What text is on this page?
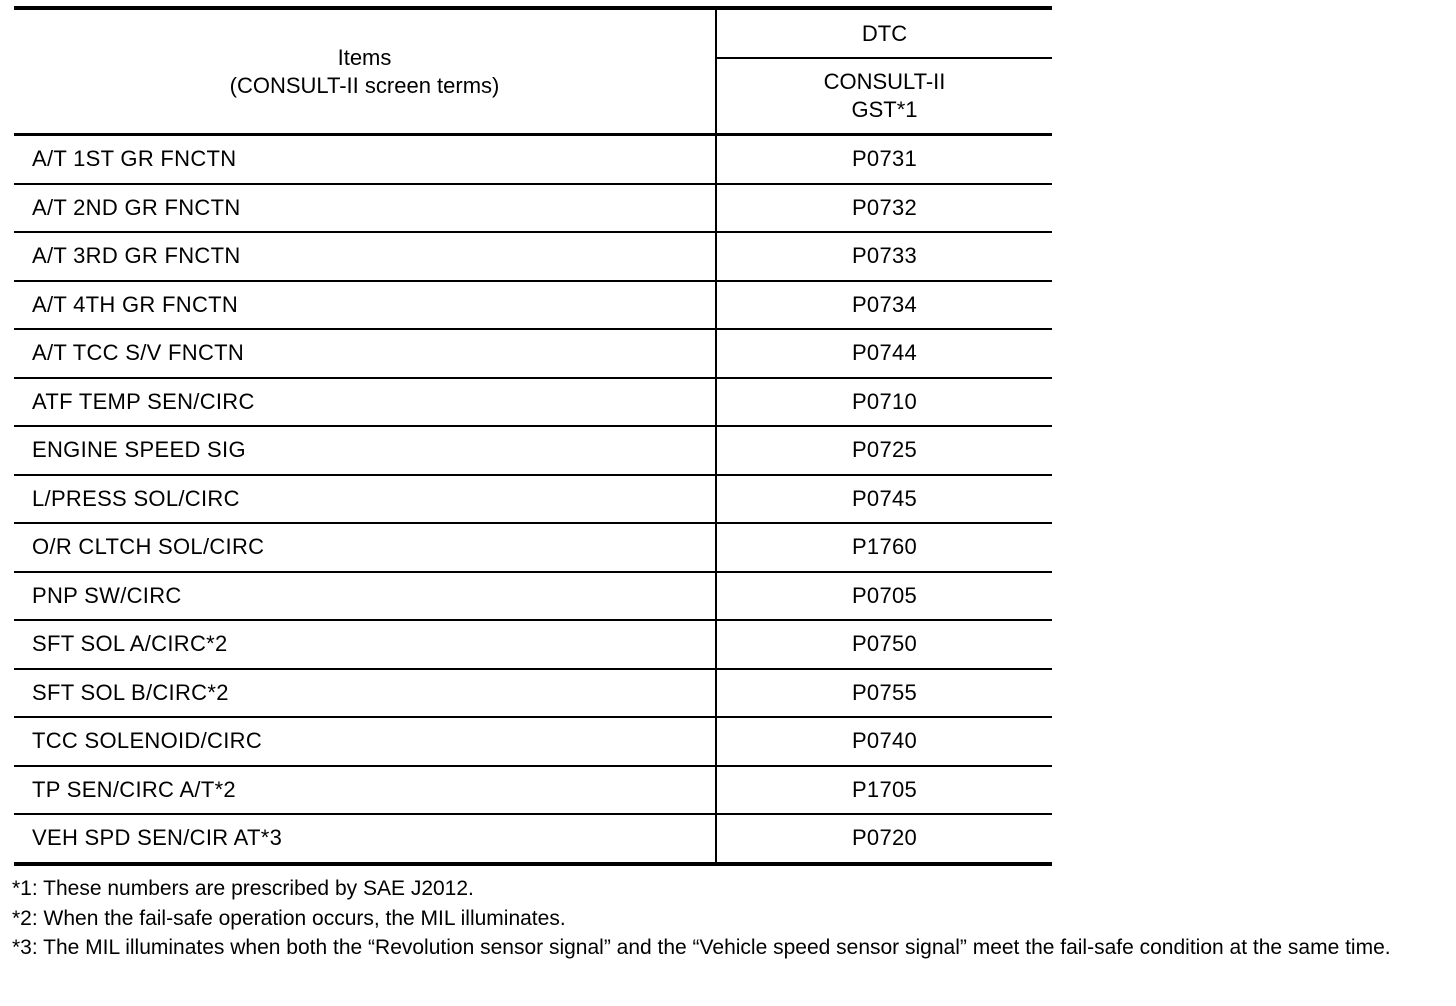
Items
(CONSULT-II screen terms)	DTC

	CONSULT-II
GST*1

A/T 1ST GR FNCTN	P0731
A/T 2ND GR FNCTN	P0732
A/T 3RD GR FNCTN	P0733
A/T 4TH GR FNCTN	P0734
A/T TCC S/V FNCTN	P0744
ATF TEMP SEN/CIRC	P0710
ENGINE SPEED SIG	P0725
L/PRESS SOL/CIRC	P0745
O/R CLTCH SOL/CIRC	P1760
PNP SW/CIRC	P0705
SFT SOL A/CIRC*2	P0750
SFT SOL B/CIRC*2	P0755
TCC SOLENOID/CIRC	P0740
TP SEN/CIRC A/T*2	P1705
VEH SPD SEN/CIR AT*3	P0720

*1: These numbers are prescribed by SAE J2012.

*2: When the fail-safe operation occurs, the MIL illuminates.

*3: The MIL illuminates when both the “Revolution sensor signal” and the “Vehicle speed sensor signal” meet the fail-safe condition at the same time.
